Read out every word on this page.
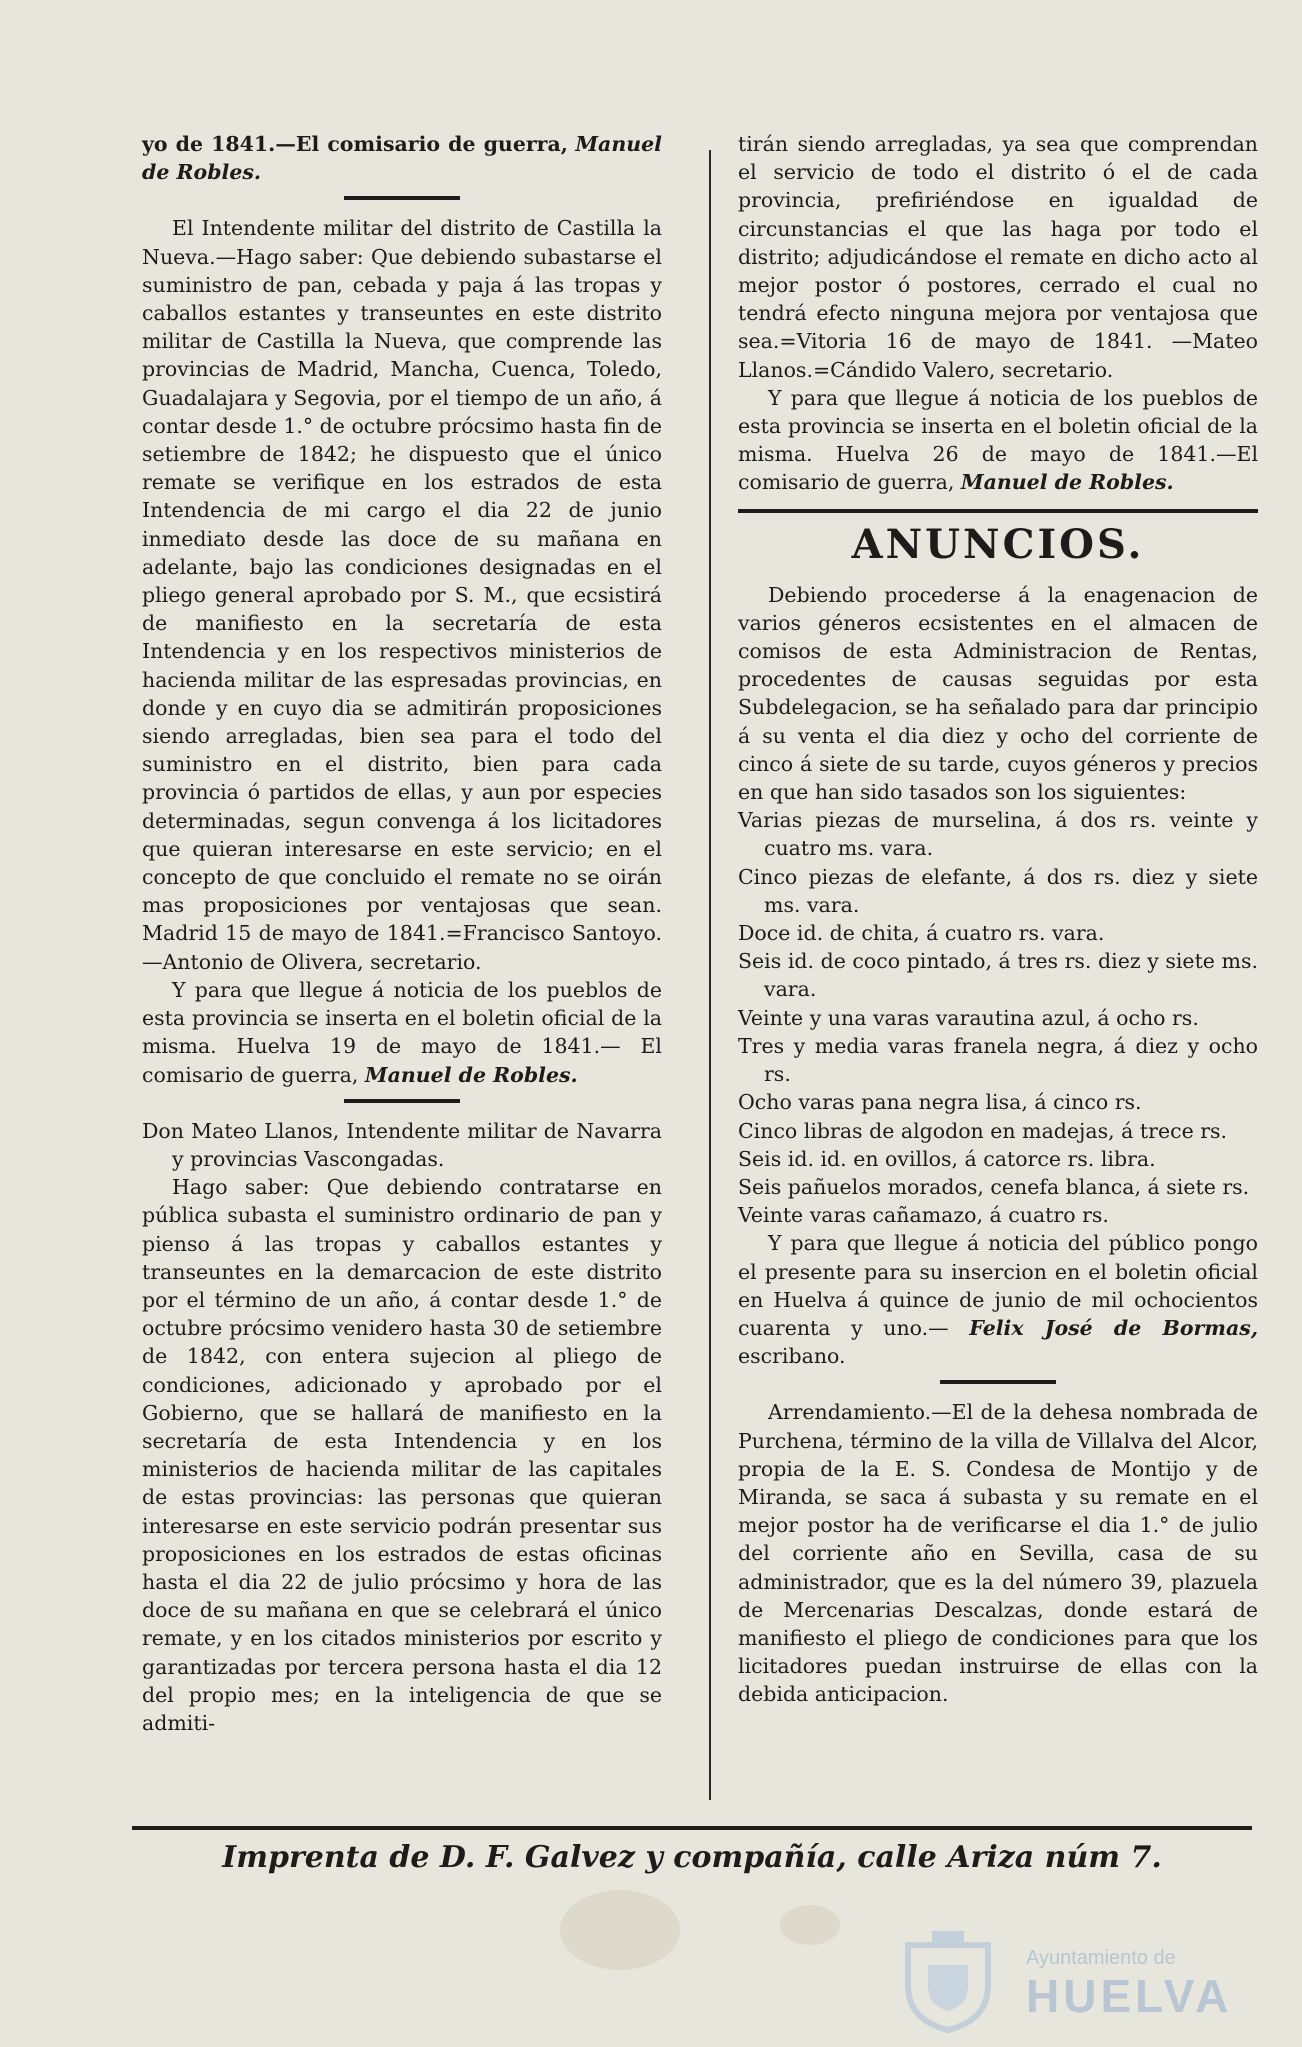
yo de 1841.—El comisario de guerra, Manuel de Robles.

El Intendente militar del distrito de Castilla la Nueva.—Hago saber: Que debiendo subastarse el suministro de pan, cebada y paja á las tropas y caballos estantes y transeuntes en este distrito militar de Castilla la Nueva, que comprende las provincias de Madrid, Mancha, Cuenca, Toledo, Guadalajara y Segovia, por el tiempo de un año, á contar desde 1.° de octubre prócsimo hasta fin de setiembre de 1842; he dispuesto que el único remate se verifique en los estrados de esta Intendencia de mi cargo el dia 22 de junio inmediato desde las doce de su mañana en adelante, bajo las condiciones designadas en el pliego general aprobado por S. M., que ecsistirá de manifiesto en la secretaría de esta Intendencia y en los respectivos ministerios de hacienda militar de las espresadas provincias, en donde y en cuyo dia se admitirán proposiciones siendo arregladas, bien sea para el todo del suministro en el distrito, bien para cada provincia ó partidos de ellas, y aun por especies determinadas, segun convenga á los licitadores que quieran interesarse en este servicio; en el concepto de que concluido el remate no se oirán mas proposiciones por ventajosas que sean. Madrid 15 de mayo de 1841.=Francisco Santoyo. —Antonio de Olivera, secretario.

Y para que llegue á noticia de los pueblos de esta provincia se inserta en el boletin oficial de la misma. Huelva 19 de mayo de 1841.— El comisario de guerra, Manuel de Robles.

Don Mateo Llanos, Intendente militar de Navarra y provincias Vascongadas.

Hago saber: Que debiendo contratarse en pública subasta el suministro ordinario de pan y pienso á las tropas y caballos estantes y transeuntes en la demarcacion de este distrito por el término de un año, á contar desde 1.° de octubre prócsimo venidero hasta 30 de setiembre de 1842, con entera sujecion al pliego de condiciones, adicionado y aprobado por el Gobierno, que se hallará de manifiesto en la secretaría de esta Intendencia y en los ministerios de hacienda militar de las capitales de estas provincias: las personas que quieran interesarse en este servicio podrán presentar sus proposiciones en los estrados de estas oficinas hasta el dia 22 de julio prócsimo y hora de las doce de su mañana en que se celebrará el único remate, y en los citados ministerios por escrito y garantizadas por tercera persona hasta el dia 12 del propio mes; en la inteligencia de que se admiti-

tirán siendo arregladas, ya sea que comprendan el servicio de todo el distrito ó el de cada provincia, prefiriéndose en igualdad de circunstancias el que las haga por todo el distrito; adjudicándose el remate en dicho acto al mejor postor ó postores, cerrado el cual no tendrá efecto ninguna mejora por ventajosa que sea.=Vitoria 16 de mayo de 1841. —Mateo Llanos.=Cándido Valero, secretario.

Y para que llegue á noticia de los pueblos de esta provincia se inserta en el boletin oficial de la misma. Huelva 26 de mayo de 1841.—El comisario de guerra, Manuel de Robles.

ANUNCIOS.

Debiendo procederse á la enagenacion de varios géneros ecsistentes en el almacen de comisos de esta Administracion de Rentas, procedentes de causas seguidas por esta Subdelegacion, se ha señalado para dar principio á su venta el dia diez y ocho del corriente de cinco á siete de su tarde, cuyos géneros y precios en que han sido tasados son los siguientes:

Varias piezas de murselina, á dos rs. veinte y cuatro ms. vara.

Cinco piezas de elefante, á dos rs. diez y siete ms. vara.

Doce id. de chita, á cuatro rs. vara.

Seis id. de coco pintado, á tres rs. diez y siete ms. vara.

Veinte y una varas varautina azul, á ocho rs.

Tres y media varas franela negra, á diez y ocho rs.

Ocho varas pana negra lisa, á cinco rs.

Cinco libras de algodon en madejas, á trece rs.

Seis id. id. en ovillos, á catorce rs. libra.

Seis pañuelos morados, cenefa blanca, á siete rs.

Veinte varas cañamazo, á cuatro rs.

Y para que llegue á noticia del público pongo el presente para su insercion en el boletin oficial en Huelva á quince de junio de mil ochocientos cuarenta y uno.— Felix José de Bormas, escribano.

Arrendamiento.—El de la dehesa nombrada de Purchena, término de la villa de Villalva del Alcor, propia de la E. S. Condesa de Montijo y de Miranda, se saca á subasta y su remate en el mejor postor ha de verificarse el dia 1.° de julio del corriente año en Sevilla, casa de su administrador, que es la del número 39, plazuela de Mercenarias Descalzas, donde estará de manifiesto el pliego de condiciones para que los licitadores puedan instruirse de ellas con la debida anticipacion.

Imprenta de D. F. Galvez y compañía, calle Ariza núm 7.
Ayuntamiento de
HUELVA
